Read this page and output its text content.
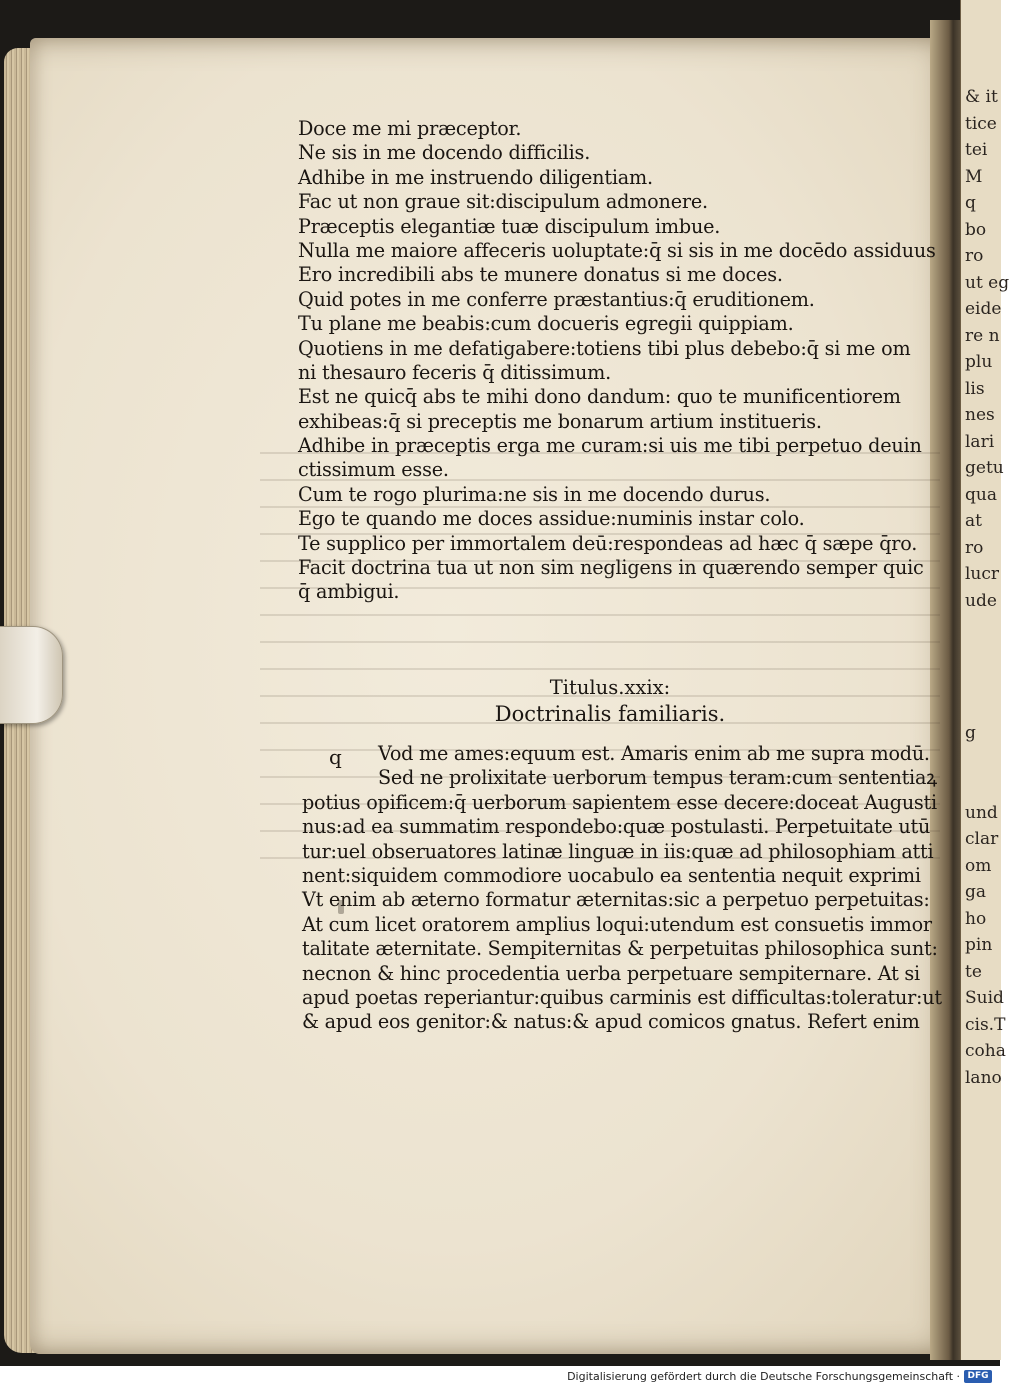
& it
tice
tei
M
q
bo
ro
ut eg
eide
re n
plu
lis
nes
lari
getu
qua
at
ro
lucr
ude
g
und
clar
om
ga
ho
pin
te
Suid
cis.T
coha
lano
Doce me mi præceptor.
Ne sis in me docendo difficilis.
Adhibe in me instruendo diligentiam.
Fac ut non graue sit:discipulum admonere.
Præceptis elegantiæ tuæ discipulum imbue.
Nulla me maiore affeceris uoluptate:q̄ si sis in me docēdo assiduus
Ero incredibili abs te munere donatus si me doces.
Quid potes in me conferre præstantius:q̄ eruditionem.
Tu plane me beabis:cum docueris egregii quippiam.
Quotiens in me defatigabere:totiens tibi plus debebo:q̄ si me om
ni thesauro feceris q̄ ditissimum.
Est ne quicq̄ abs te mihi dono dandum: quo te munificentiorem
exhibeas:q̄ si preceptis me bonarum artium institueris.
Adhibe in præceptis erga me curam:si uis me tibi perpetuo deuin
ctissimum esse.
Cum te rogo plurima:ne sis in me docendo durus.
Ego te quando me doces assidue:numinis instar colo.
Te supplico per immortalem deū:respondeas ad hæc q̄ sæpe q̄ro.
Facit doctrina tua ut non sim negligens in quærendo semper quic
q̄ ambigui.
Titulus.xxix:
Doctrinalis familiaris.
q	Vod me ames:equum est. Amaris enim ab me supra modū.
Sed ne prolixitate uerborum tempus teram:cum sententiaꝝ
potius opificem:q̄ uerborum sapientem esse decere:doceat Augusti
nus:ad ea summatim respondebo:quæ postulasti. Perpetuitate utū
tur:uel obseruatores latinæ linguæ in iis:quæ ad philosophiam atti
nent:siquidem commodiore uocabulo ea sententia nequit exprimi
Vt enim ab æterno formatur æternitas:sic a perpetuo perpetuitas:
At cum licet oratorem amplius loqui:utendum est consuetis immor
talitate æternitate. Sempiternitas & perpetuitas philosophica sunt:
necnon & hinc procedentia uerba perpetuare sempiternare. At si
apud poetas reperiantur:quibus carminis est difficultas:toleratur:ut
& apud eos genitor:& natus:& apud comicos gnatus. Refert enim
Digitalisierung gefördert durch die Deutsche Forschungsgemeinschaft · DFG
